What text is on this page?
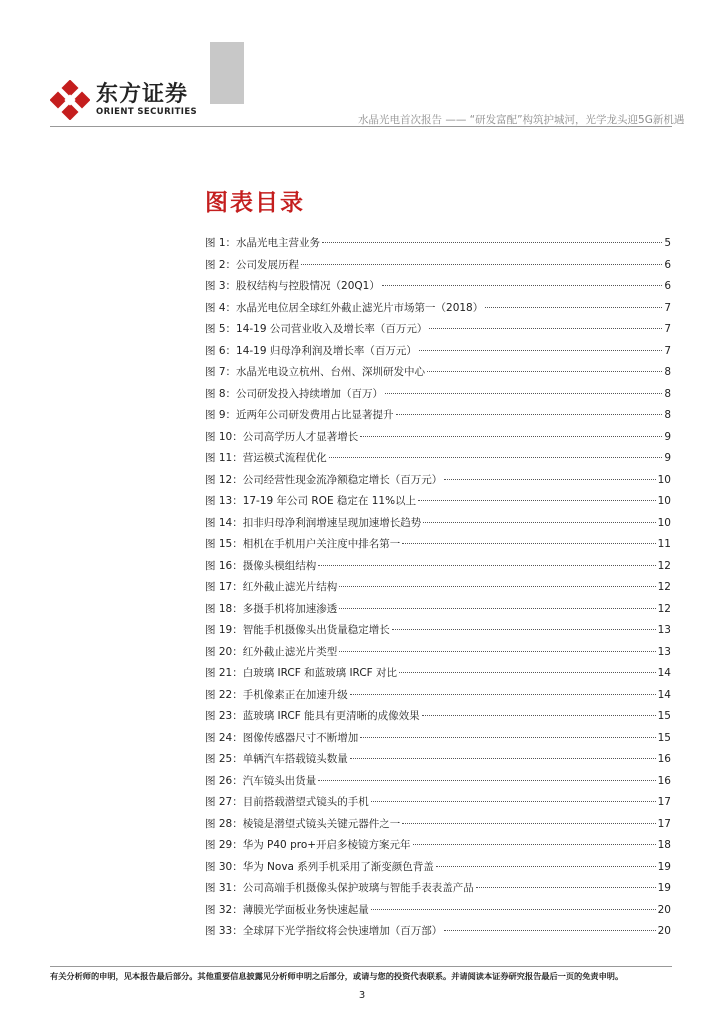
东方证券
ORIENT SECURITIES
水晶光电首次报告 —— “研发富配”构筑护城河，光学龙头迎5G新机遇
图表目录
图 1：水晶光电主营业务	5
图 2：公司发展历程	6
图 3：股权结构与控股情况（20Q1）	6
图 4：水晶光电位居全球红外截止滤光片市场第一（2018）	7
图 5：14-19 公司营业收入及增长率（百万元）	7
图 6：14-19 归母净利润及增长率（百万元）	7
图 7：水晶光电设立杭州、台州、深圳研发中心	8
图 8：公司研发投入持续增加（百万）	8
图 9：近两年公司研发费用占比显著提升	8
图 10：公司高学历人才显著增长	9
图 11：营运模式流程优化	9
图 12：公司经营性现金流净额稳定增长（百万元）	10
图 13：17-19 年公司 ROE 稳定在 11%以上	10
图 14：扣非归母净利润增速呈现加速增长趋势	10
图 15：相机在手机用户关注度中排名第一	11
图 16：摄像头模组结构	12
图 17：红外截止滤光片结构	12
图 18：多摄手机将加速渗透	12
图 19：智能手机摄像头出货量稳定增长	13
图 20：红外截止滤光片类型	13
图 21：白玻璃 IRCF 和蓝玻璃 IRCF 对比	14
图 22：手机像素正在加速升级	14
图 23：蓝玻璃 IRCF 能具有更清晰的成像效果	15
图 24：图像传感器尺寸不断增加	15
图 25：单辆汽车搭载镜头数量	16
图 26：汽车镜头出货量	16
图 27：目前搭载潜望式镜头的手机	17
图 28：棱镜是潜望式镜头关键元器件之一	17
图 29：华为 P40 pro+开启多棱镜方案元年	18
图 30：华为 Nova 系列手机采用了渐变颜色背盖	19
图 31：公司高端手机摄像头保护玻璃与智能手表表盖产品	19
图 32：薄膜光学面板业务快速起量	20
图 33：全球屏下光学指纹将会快速增加（百万部）	20
有关分析师的申明，见本报告最后部分。其他重要信息披露见分析师申明之后部分，或请与您的投资代表联系。并请阅读本证券研究报告最后一页的免责申明。
3
